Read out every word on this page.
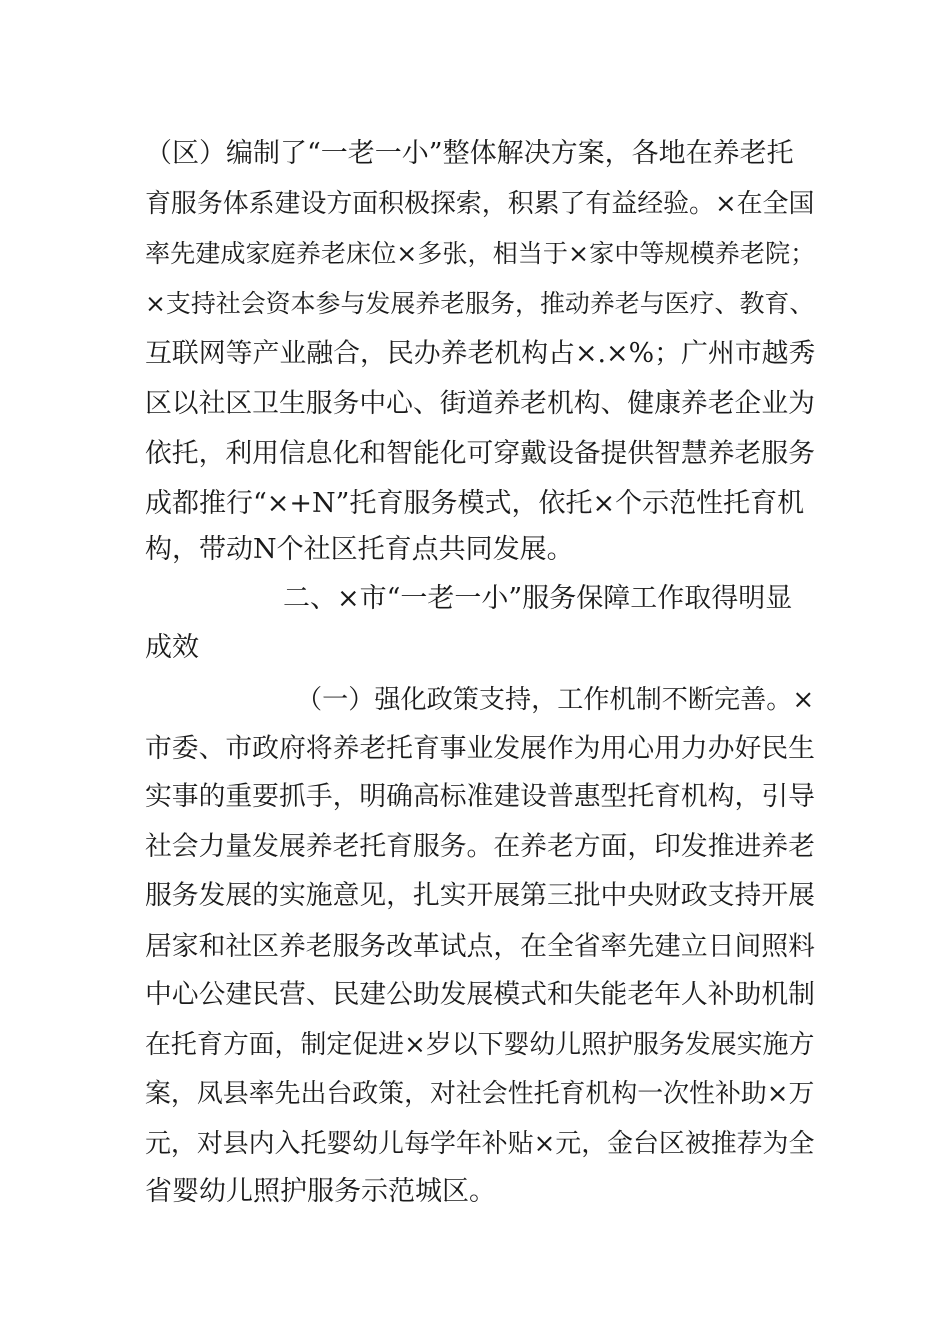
（区）编制了“一老一小”整体解决方案，各地在养老托
育服务体系建设方面积极探索，积累了有益经验。×在全国
率先建成家庭养老床位×多张，相当于×家中等规模养老院；
×支持社会资本参与发展养老服务，推动养老与医疗、教育、
互联网等产业融合，民办养老机构占×.×%；广州市越秀
区以社区卫生服务中心、街道养老机构、健康养老企业为
依托，利用信息化和智能化可穿戴设备提供智慧养老服务
成都推行“×+N”托育服务模式，依托×个示范性托育机
构，带动N个社区托育点共同发展。
二、×市“一老一小”服务保障工作取得明显
成效
（一）强化政策支持，工作机制不断完善。×
市委、市政府将养老托育事业发展作为用心用力办好民生
实事的重要抓手，明确高标准建设普惠型托育机构，引导
社会力量发展养老托育服务。在养老方面，印发推进养老
服务发展的实施意见，扎实开展第三批中央财政支持开展
居家和社区养老服务改革试点，在全省率先建立日间照料
中心公建民营、民建公助发展模式和失能老年人补助机制
在托育方面，制定促进×岁以下婴幼儿照护服务发展实施方
案，凤县率先出台政策，对社会性托育机构一次性补助×万
元，对县内入托婴幼儿每学年补贴×元，金台区被推荐为全
省婴幼儿照护服务示范城区。
